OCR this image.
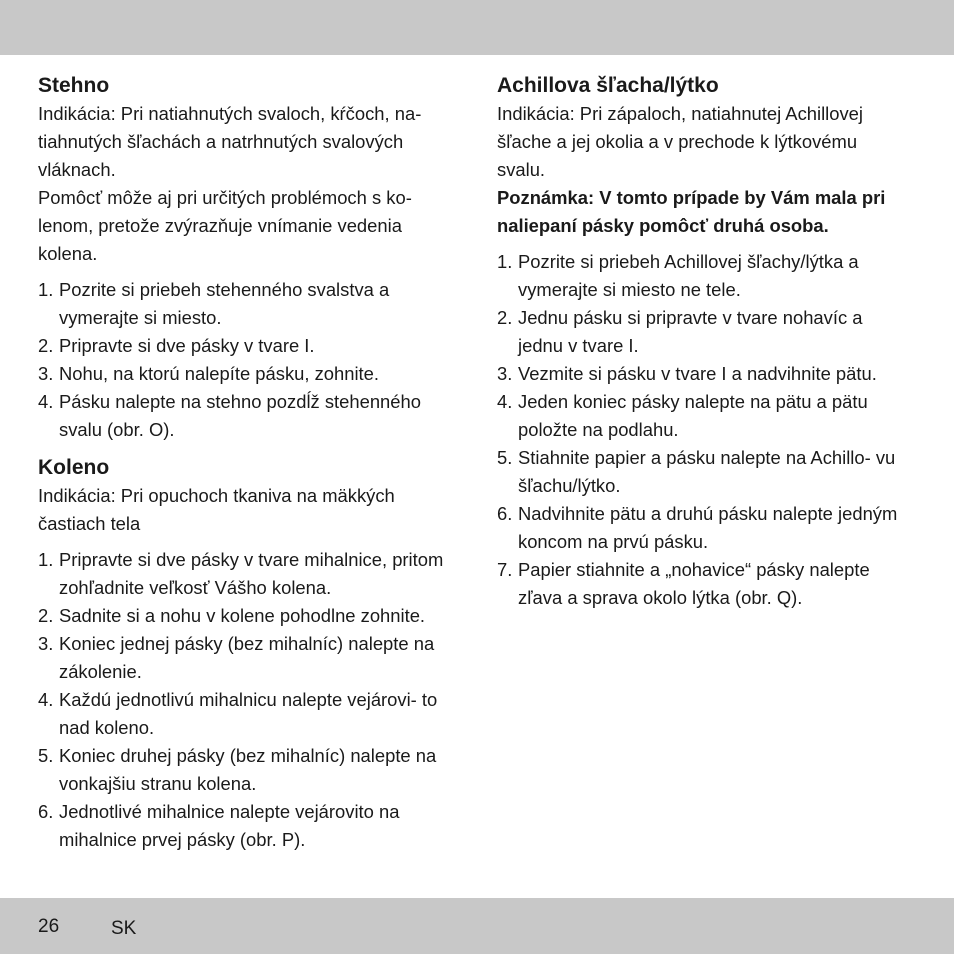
Stehno

Indikácia: Pri natiahnutých svaloch, kŕčoch, na- tiahnutých šľachách a natrhnutých svalových vláknach.

Pomôcť môže aj pri určitých problémoch s ko- lenom, pretože zvýrazňuje vnímanie vedenia kolena.

1. Pozrite si priebeh stehenného svalstva a vymerajte si miesto.
2. Pripravte si dve pásky v tvare I.
3. Nohu, na ktorú nalepíte pásku, zohnite.
4. Pásku nalepte na stehno pozdĺž stehenného svalu (obr. O).
Koleno

Indikácia: Pri opuchoch tkaniva na mäkkých častiach tela

1. Pripravte si dve pásky v tvare mihalnice, pritom zohľadnite veľkosť Vášho kolena.
2. Sadnite si a nohu v kolene pohodlne zohnite.
3. Koniec jednej pásky (bez mihalníc) nalepte na zákolenie.
4. Každú jednotlivú mihalnicu nalepte vejárovi- to nad koleno.
5. Koniec druhej pásky (bez mihalníc) nalepte na vonkajšiu stranu kolena.
6. Jednotlivé mihalnice nalepte vejárovito na mihalnice prvej pásky (obr. P).
Achillova šľacha/lýtko

Indikácia: Pri zápaloch, natiahnutej Achillovej šľache a jej okolia a v prechode k lýtkovému svalu.

Poznámka: V tomto prípade by Vám mala pri naliepaní pásky pomôcť druhá osoba.

1. Pozrite si priebeh Achillovej šľachy/lýtka a vymerajte si miesto ne tele.
2. Jednu pásku si pripravte v tvare nohavíc a jednu v tvare I.
3. Vezmite si pásku v tvare I a nadvihnite pätu.
4. Jeden koniec pásky nalepte na pätu a pätu položte na podlahu.
5. Stiahnite papier a pásku nalepte na Achillo- vu šľachu/lýtko.
6. Nadvihnite pätu a druhú pásku nalepte jedným koncom na prvú pásku.
7. Papier stiahnite a „nohavice“ pásky nalepte zľava a sprava okolo lýtka (obr. Q).
26	SK
